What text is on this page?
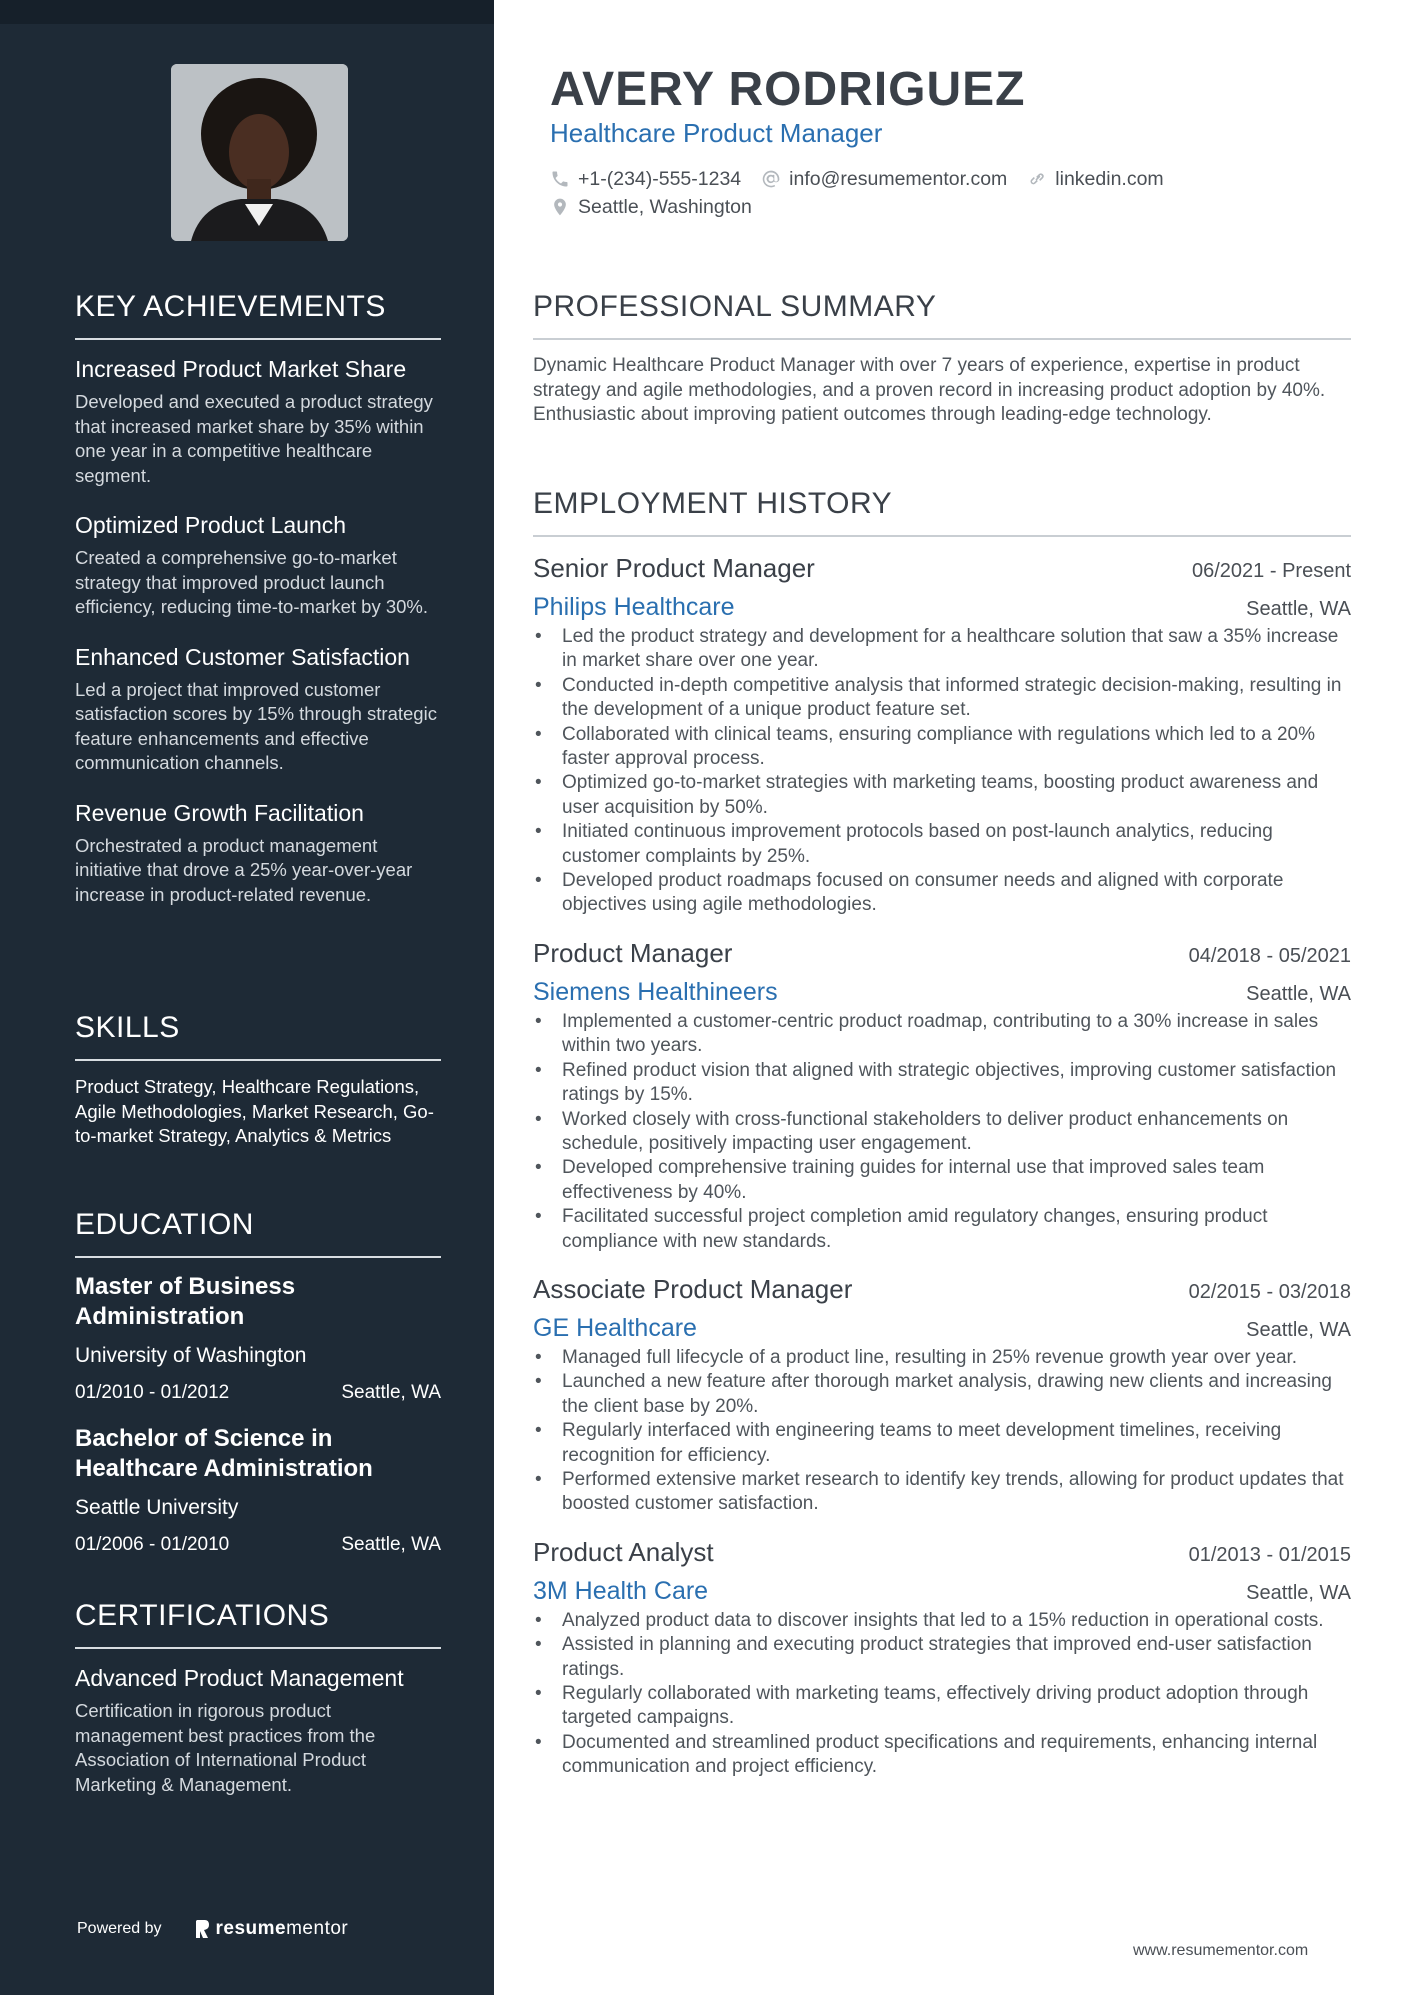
KEY ACHIEVEMENTS
Increased Product Market Share
Developed and executed a product strategy that increased market share by 35% within one year in a competitive healthcare segment.
Optimized Product Launch
Created a comprehensive go-to-market strategy that improved product launch efficiency, reducing time-to-market by 30%.
Enhanced Customer Satisfaction
Led a project that improved customer satisfaction scores by 15% through strategic feature enhancements and effective communication channels.
Revenue Growth Facilitation
Orchestrated a product management initiative that drove a 25% year-over-year increase in product-related revenue.
SKILLS
Product Strategy, Healthcare Regulations, Agile Methodologies, Market Research, Go-to-market Strategy, Analytics & Metrics
EDUCATION
Master of Business Administration
University of Washington
01/2010 - 01/2012	Seattle, WA
Bachelor of Science in Healthcare Administration
Seattle University
01/2006 - 01/2010	Seattle, WA
CERTIFICATIONS
Advanced Product Management
Certification in rigorous product management best practices from the Association of International Product Marketing & Management.
Powered by	resume mentor
AVERY RODRIGUEZ
Healthcare Product Manager
+1-(234)-555-1234 info@resumementor.com linkedin.com
Seattle, Washington
PROFESSIONAL SUMMARY

Dynamic Healthcare Product Manager with over 7 years of experience, expertise in product strategy and agile methodologies, and a proven record in increasing product adoption by 40%. Enthusiastic about improving patient outcomes through leading-edge technology.

EMPLOYMENT HISTORY
Senior Product Manager	06/2021 - Present
Philips Healthcare	Seattle, WA
• Led the product strategy and development for a healthcare solution that saw a 35% increase in market share over one year.
• Conducted in-depth competitive analysis that informed strategic decision-making, resulting in the development of a unique product feature set.
• Collaborated with clinical teams, ensuring compliance with regulations which led to a 20% faster approval process.
• Optimized go-to-market strategies with marketing teams, boosting product awareness and user acquisition by 50%.
• Initiated continuous improvement protocols based on post-launch analytics, reducing customer complaints by 25%.
• Developed product roadmaps focused on consumer needs and aligned with corporate objectives using agile methodologies.
Product Manager	04/2018 - 05/2021
Siemens Healthineers	Seattle, WA
• Implemented a customer-centric product roadmap, contributing to a 30% increase in sales within two years.
• Refined product vision that aligned with strategic objectives, improving customer satisfaction ratings by 15%.
• Worked closely with cross-functional stakeholders to deliver product enhancements on schedule, positively impacting user engagement.
• Developed comprehensive training guides for internal use that improved sales team effectiveness by 40%.
• Facilitated successful project completion amid regulatory changes, ensuring product compliance with new standards.
Associate Product Manager	02/2015 - 03/2018
GE Healthcare	Seattle, WA
• Managed full lifecycle of a product line, resulting in 25% revenue growth year over year.
• Launched a new feature after thorough market analysis, drawing new clients and increasing the client base by 20%.
• Regularly interfaced with engineering teams to meet development timelines, receiving recognition for efficiency.
• Performed extensive market research to identify key trends, allowing for product updates that boosted customer satisfaction.
Product Analyst	01/2013 - 01/2015
3M Health Care	Seattle, WA
• Analyzed product data to discover insights that led to a 15% reduction in operational costs.
• Assisted in planning and executing product strategies that improved end-user satisfaction ratings.
• Regularly collaborated with marketing teams, effectively driving product adoption through targeted campaigns.
• Documented and streamlined product specifications and requirements, enhancing internal communication and project efficiency.
www.resumementor.com
